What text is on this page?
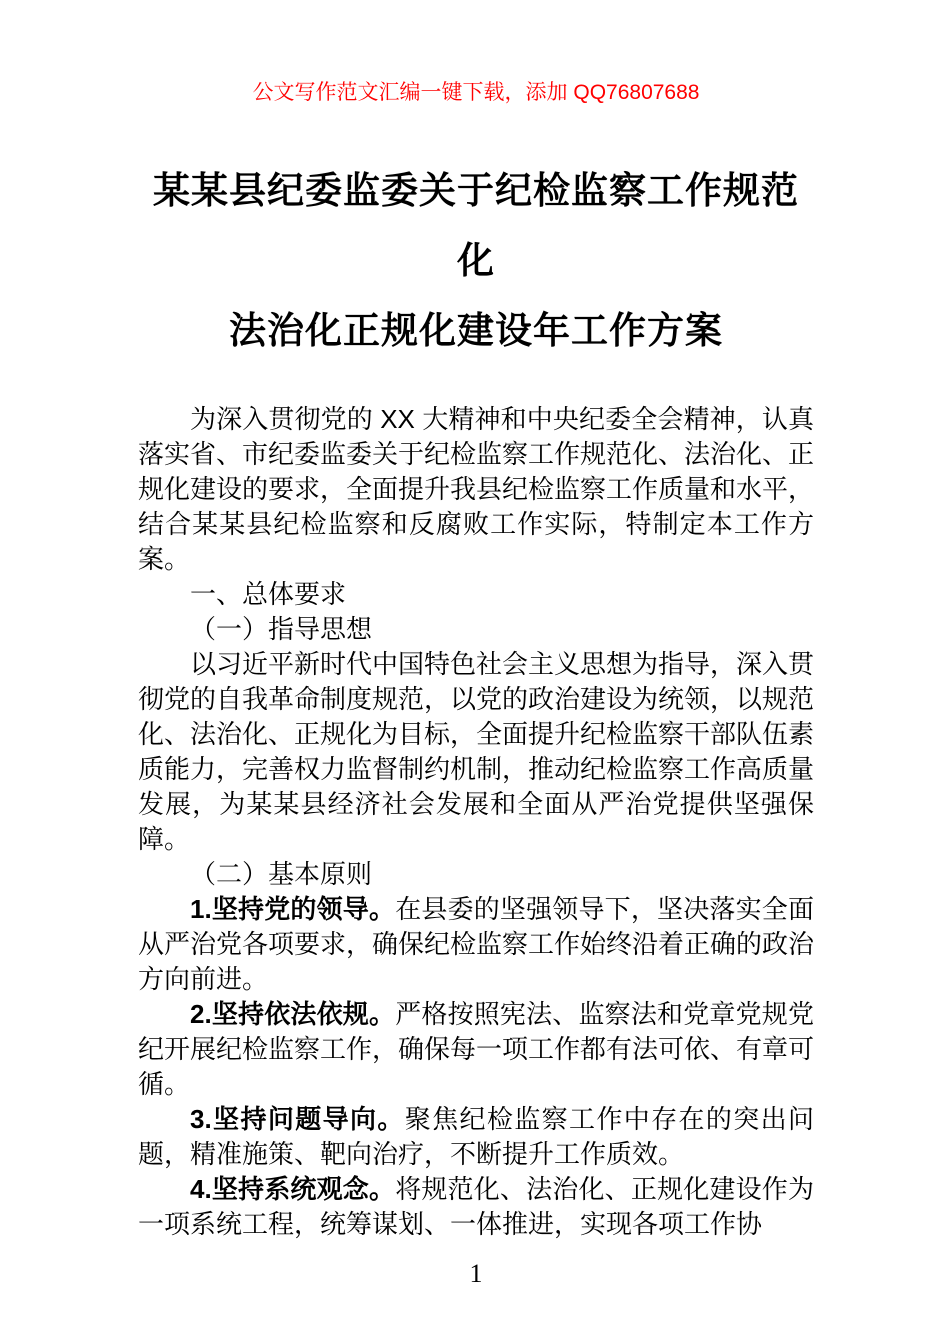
公文写作范文汇编一键下载，添加 QQ76807688
某某县纪委监委关于纪检监察工作规范化
法治化正规化建设年工作方案

为深入贯彻党的 XX 大精神和中央纪委全会精神，认真落实省、市纪委监委关于纪检监察工作规范化、法治化、正规化建设的要求，全面提升我县纪检监察工作质量和水平，结合某某县纪检监察和反腐败工作实际，特制定本工作方案。

一、总体要求

（一）指导思想

以习近平新时代中国特色社会主义思想为指导，深入贯彻党的自我革命制度规范，以党的政治建设为统领，以规范化、法治化、正规化为目标，全面提升纪检监察干部队伍素质能力，完善权力监督制约机制，推动纪检监察工作高质量发展，为某某县经济社会发展和全面从严治党提供坚强保障。

（二）基本原则

1.坚持党的领导。在县委的坚强领导下，坚决落实全面从严治党各项要求，确保纪检监察工作始终沿着正确的政治方向前进。

2.坚持依法依规。严格按照宪法、监察法和党章党规党纪开展纪检监察工作，确保每一项工作都有法可依、有章可循。

3.坚持问题导向。聚焦纪检监察工作中存在的突出问题，精准施策、靶向治疗，不断提升工作质效。

4.坚持系统观念。将规范化、法治化、正规化建设作为一项系统工程，统筹谋划、一体推进，实现各项工作协

1
